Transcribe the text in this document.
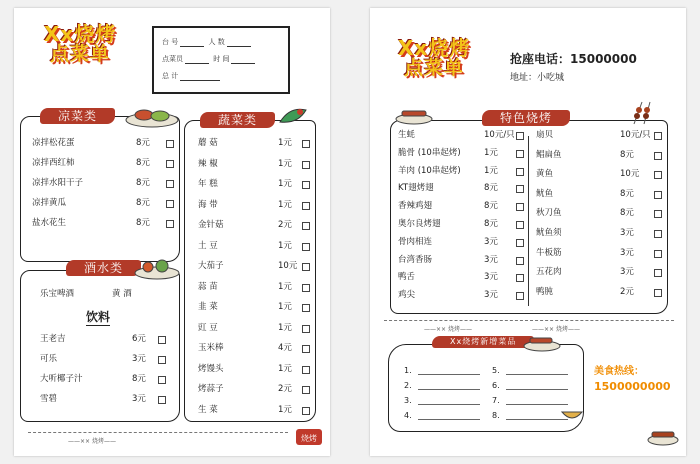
Xx烧烤
点菜单
台 号	人 数
点菜员	时 间
总 计
凉菜类
凉拌松花蛋	8元
凉拌西红柿	8元
凉拌水阳干子	8元
凉拌黄瓜	8元
盐水花生	8元
酒水类
乐宝啤酒	黄 酒
饮料
王老吉	6元
可乐	3元
大听椰子汁	8元
雪碧	3元
蔬菜类
蘑 菇	1元
辣 椒	1元
年 糕	1元
海 带	1元
金针菇	2元
土 豆	1元
大茄子	10元
蒜 苗	1元
韭 菜	1元
豇 豆	1元
玉米棒	4元
烤馒头	1元
烤蒜子	2元
生 菜	1元
——×× 烧烤——	烧烤
Xx烧烤
点菜单	抢座电话：15000000
地址：小吃城
特色烧烤
生蚝	10元/只
脆骨 (10串起烤)	1元
羊肉 (10串起烤)	1元
KT翅烤翅	8元
香辣鸡翅	8元
奥尔良烤翅	8元
骨肉相连	3元
台湾香肠	3元
鸭舌	3元
鸡尖	3元
扇贝	10元/只
鲳扁鱼	8元
黄鱼	10元
鱿鱼	8元
秋刀鱼	8元
鱿鱼须	3元
牛板筋	3元
五花肉	3元
鸭肫	2元
——×× 烧烤——	——×× 烧烤——
Xx烧烤新增菜品
1.
2.
3.
4.
5.
6.
7.
8.
美食热线：
1500000000
